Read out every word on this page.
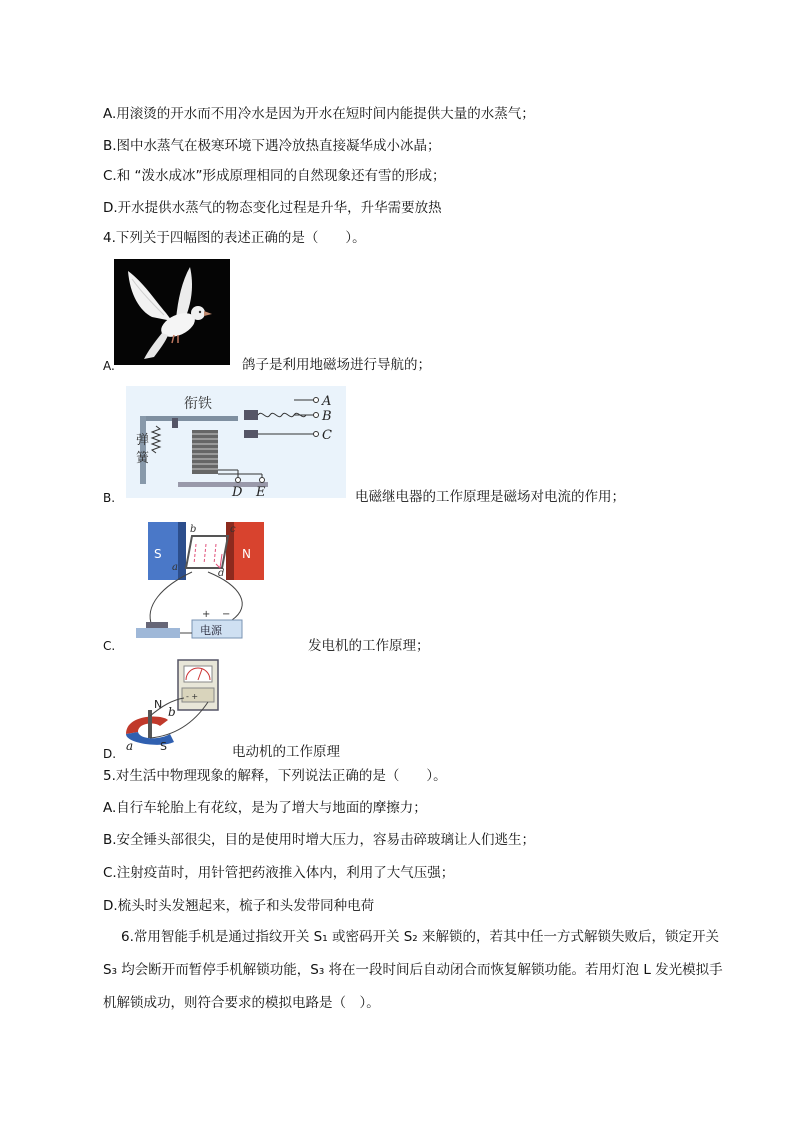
A.用滚烫的开水而不用冷水是因为开水在短时间内能提供大量的水蒸气；
B.图中水蒸气在极寒环境下遇冷放热直接凝华成小冰晶；
C.和 “泼水成冰”形成原理相同的自然现象还有雪的形成；
D.开水提供水蒸气的物态变化过程是升华，升华需要放热
4.下列关于四幅图的表述正确的是（　　）。
A.	鸽子是利用地磁场进行导航的；
衔铁
弹
簧
A
B
C
D E
B.	电磁继电器的工作原理是磁场对电流的作用；
S	N
b	c
a
d
电源
+ −
C.	发电机的工作原理；
- +
N
S
a
b
D.	电动机的工作原理
5.对生活中物理现象的解释，下列说法正确的是（　　）。
A.自行车轮胎上有花纹，是为了增大与地面的摩擦力；
B.安全锤头部很尖，目的是使用时增大压力，容易击碎玻璃让人们逃生；
C.注射疫苗时，用针管把药液推入体内，利用了大气压强；
D.梳头时头发翘起来，梳子和头发带同种电荷
6.常用智能手机是通过指纹开关 S₁ 或密码开关 S₂ 来解锁的，若其中任一方式解锁失败后，锁定开关 S₃ 均会断开而暂停手机解锁功能，S₃ 将在一段时间后自动闭合而恢复解锁功能。若用灯泡 L 发光模拟手机解锁成功，则符合要求的模拟电路是（　）。
